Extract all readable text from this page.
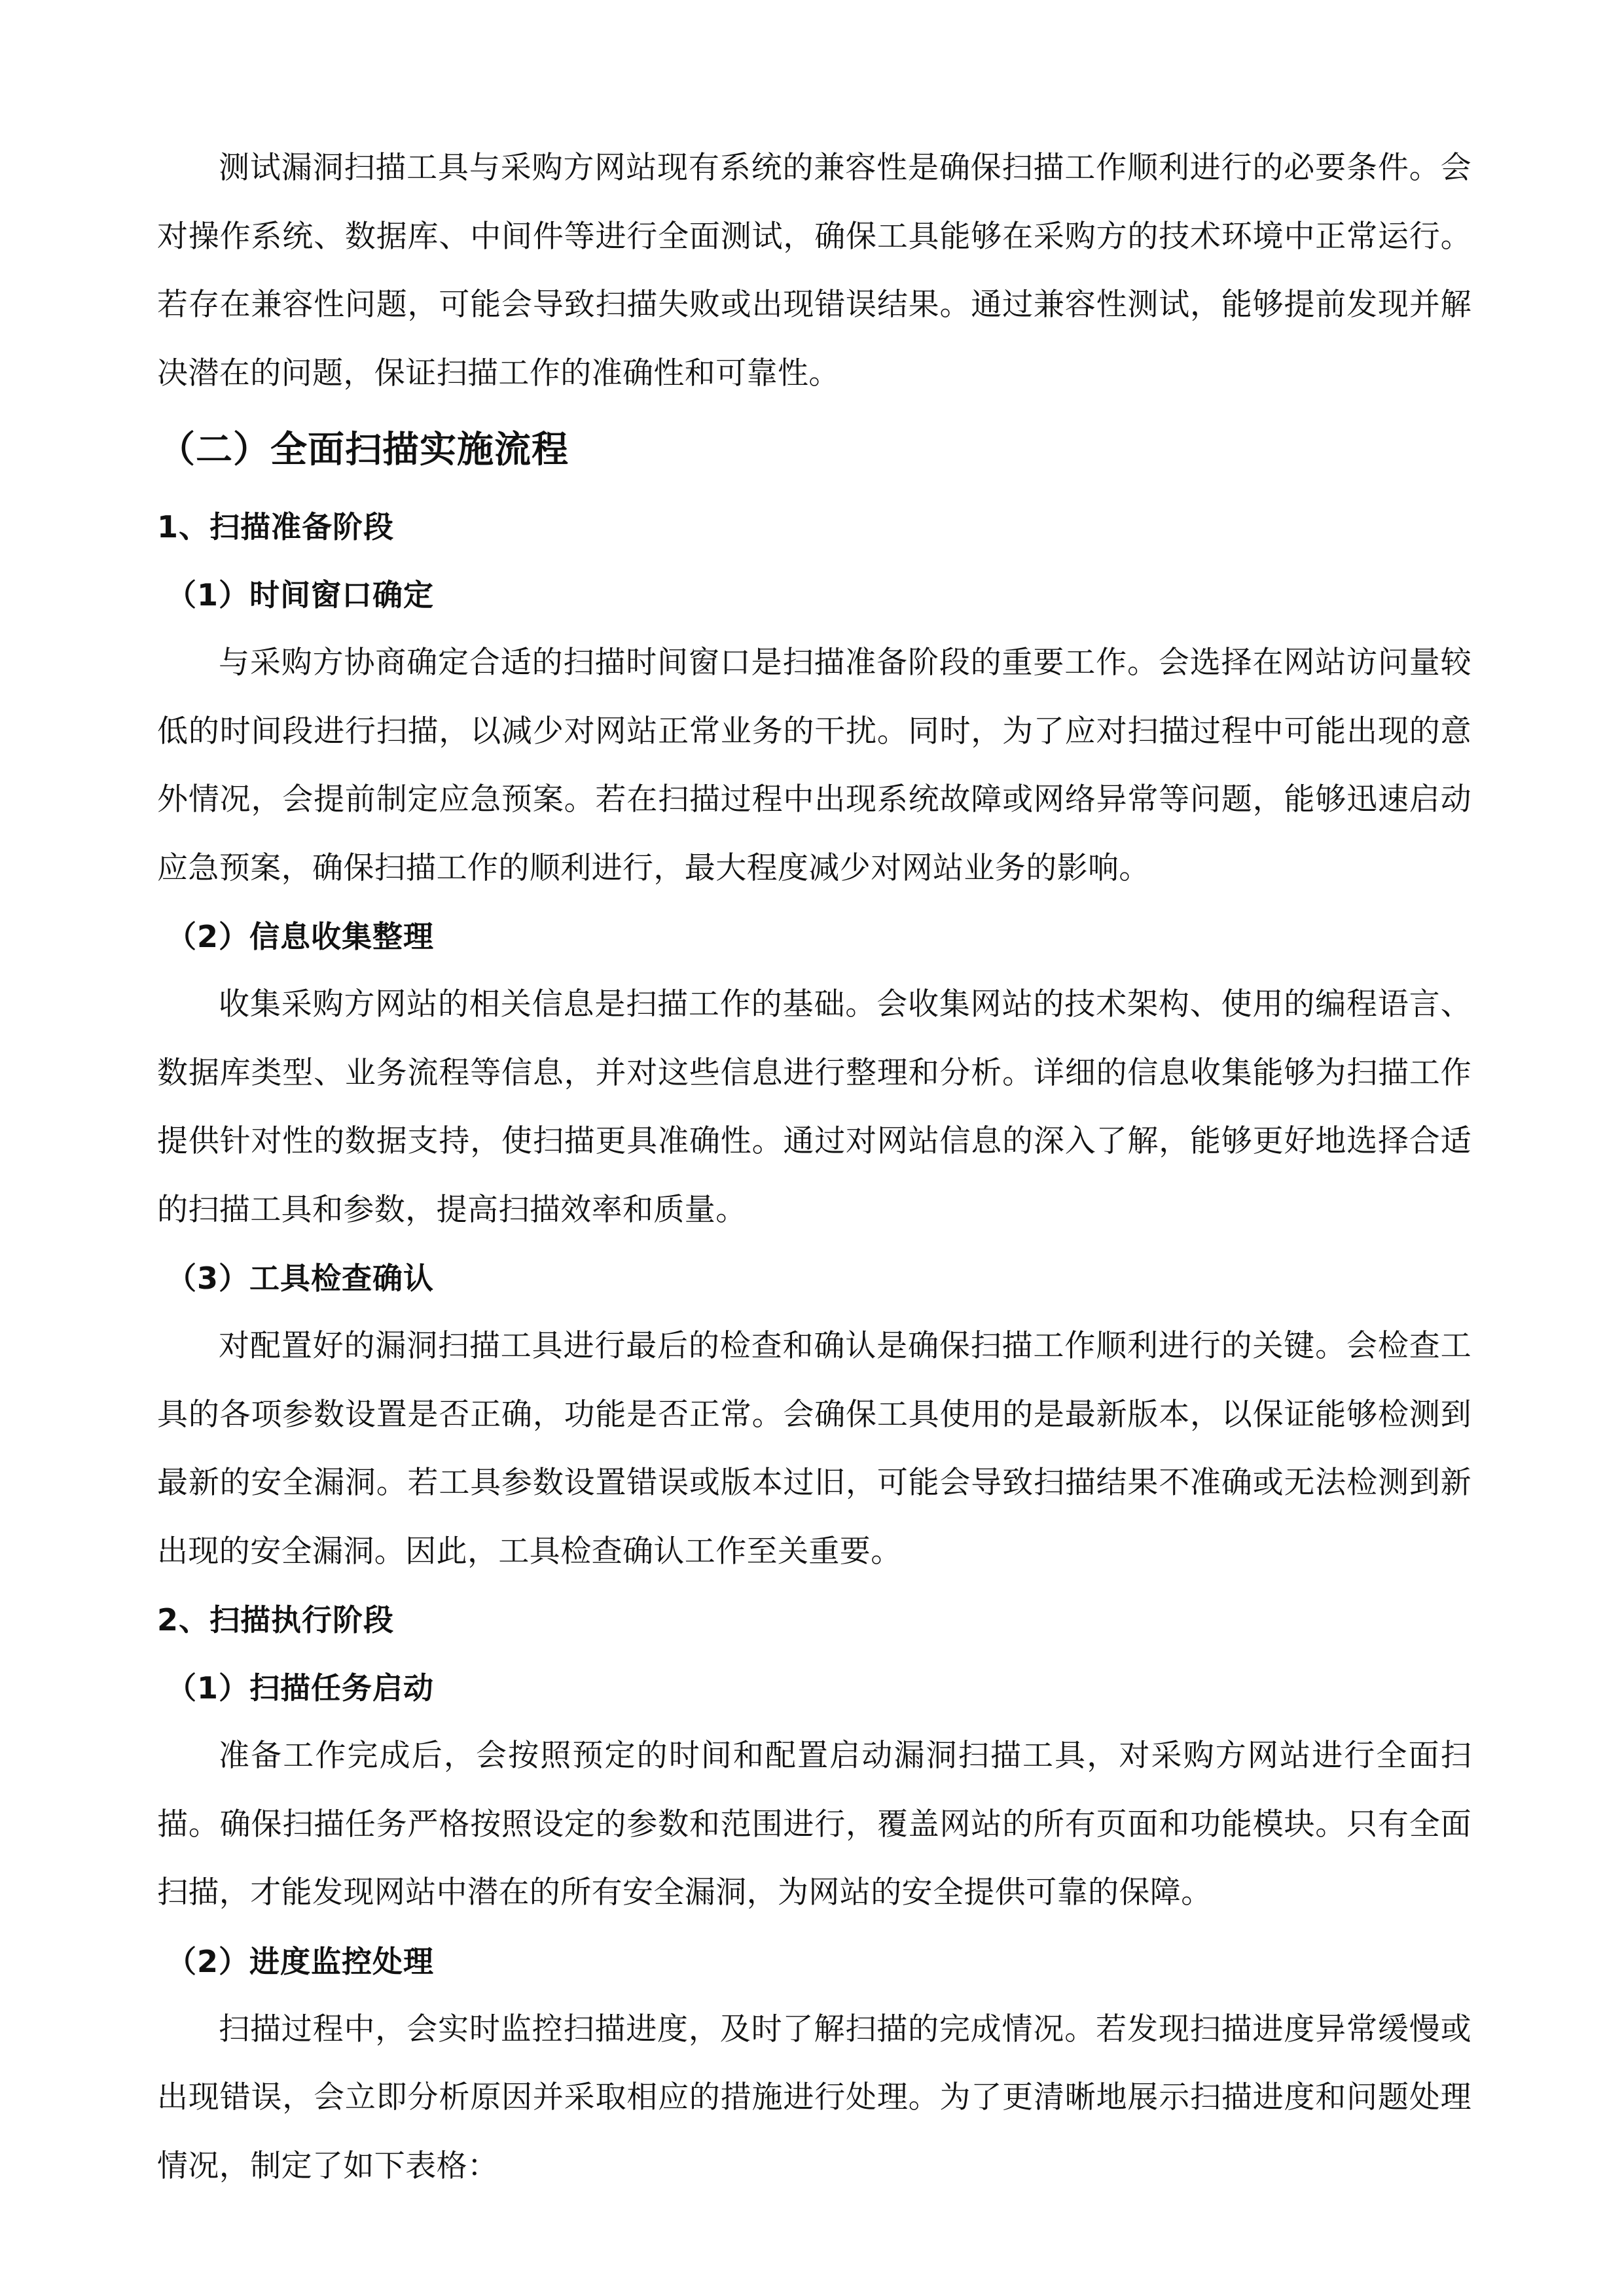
测试漏洞扫描工具与采购方网站现有系统的兼容性是确保扫描工作顺利进行的必要条件。会对操作系统、数据库、中间件等进行全面测试，确保工具能够在采购方的技术环境中正常运行。若存在兼容性问题，可能会导致扫描失败或出现错误结果。通过兼容性测试，能够提前发现并解决潜在的问题，保证扫描工作的准确性和可靠性。

（二）全面扫描实施流程
1、扫描准备阶段
（1）时间窗口确定

与采购方协商确定合适的扫描时间窗口是扫描准备阶段的重要工作。会选择在网站访问量较低的时间段进行扫描，以减少对网站正常业务的干扰。同时，为了应对扫描过程中可能出现的意外情况，会提前制定应急预案。若在扫描过程中出现系统故障或网络异常等问题，能够迅速启动应急预案，确保扫描工作的顺利进行，最大程度减少对网站业务的影响。

（2）信息收集整理

收集采购方网站的相关信息是扫描工作的基础。会收集网站的技术架构、使用的编程语言、数据库类型、业务流程等信息，并对这些信息进行整理和分析。详细的信息收集能够为扫描工作提供针对性的数据支持，使扫描更具准确性。通过对网站信息的深入了解，能够更好地选择合适的扫描工具和参数，提高扫描效率和质量。

（3）工具检查确认

对配置好的漏洞扫描工具进行最后的检查和确认是确保扫描工作顺利进行的关键。会检查工具的各项参数设置是否正确，功能是否正常。会确保工具使用的是最新版本，以保证能够检测到最新的安全漏洞。若工具参数设置错误或版本过旧，可能会导致扫描结果不准确或无法检测到新出现的安全漏洞。因此，工具检查确认工作至关重要。

2、扫描执行阶段
（1）扫描任务启动

准备工作完成后，会按照预定的时间和配置启动漏洞扫描工具，对采购方网站进行全面扫描。确保扫描任务严格按照设定的参数和范围进行，覆盖网站的所有页面和功能模块。只有全面扫描，才能发现网站中潜在的所有安全漏洞，为网站的安全提供可靠的保障。

（2）进度监控处理

扫描过程中，会实时监控扫描进度，及时了解扫描的完成情况。若发现扫描进度异常缓慢或出现错误，会立即分析原因并采取相应的措施进行处理。为了更清晰地展示扫描进度和问题处理情况，制定了如下表格：
